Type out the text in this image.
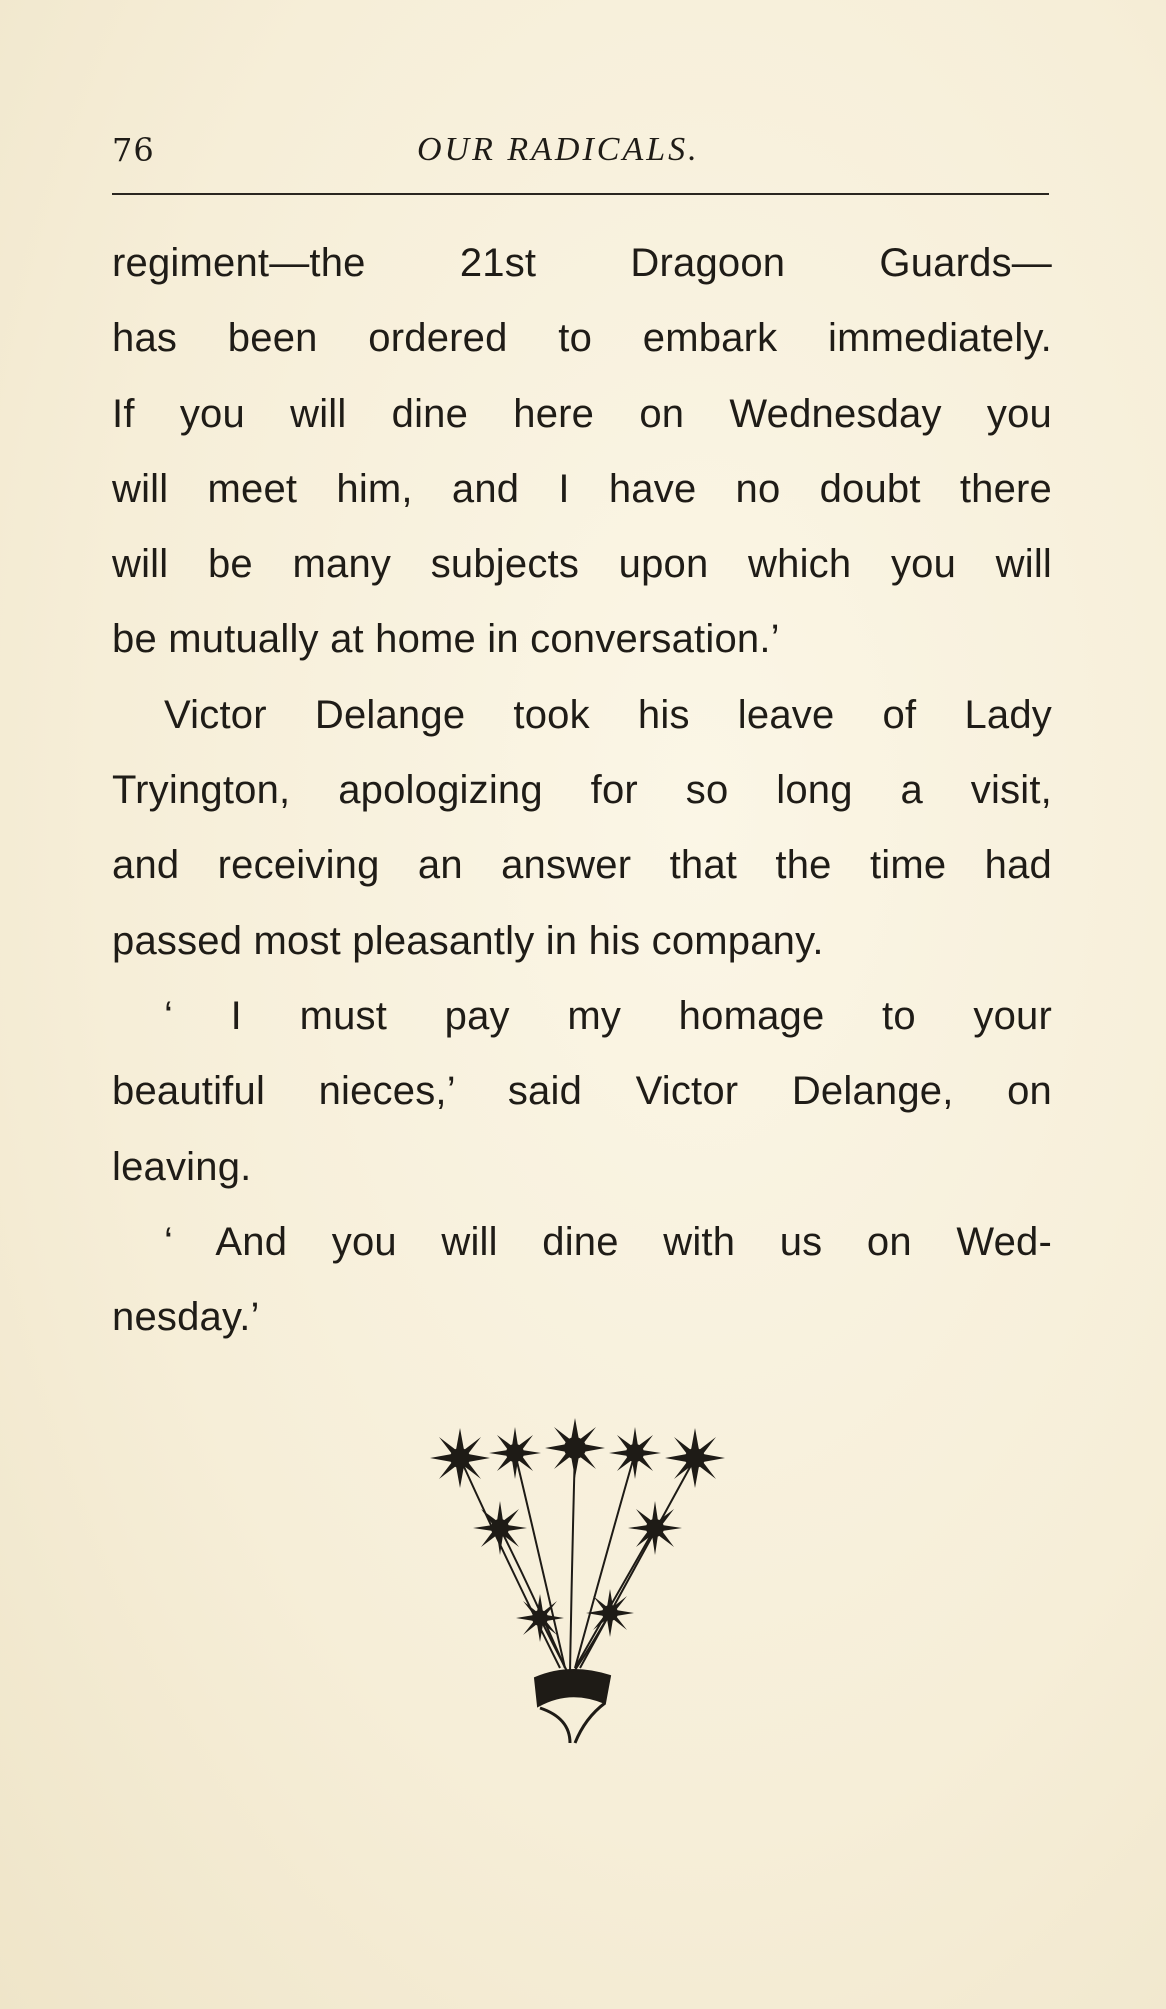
76	OUR RADICALS.
regiment—the 21st Dragoon Guards—
has been ordered to embark immediately.
If you will dine here on Wednesday you
will meet him, and I have no doubt there
will be many subjects upon which you will
be mutually at home in conversation.’
Victor Delange took his leave of Lady
Tryington, apologizing for so long a visit,
and receiving an answer that the time had
passed most pleasantly in his company.
‘ I must pay my homage to your
beautiful nieces,’ said Victor Delange, on
leaving.
‘ And you will dine with us on Wed-
nesday.’
